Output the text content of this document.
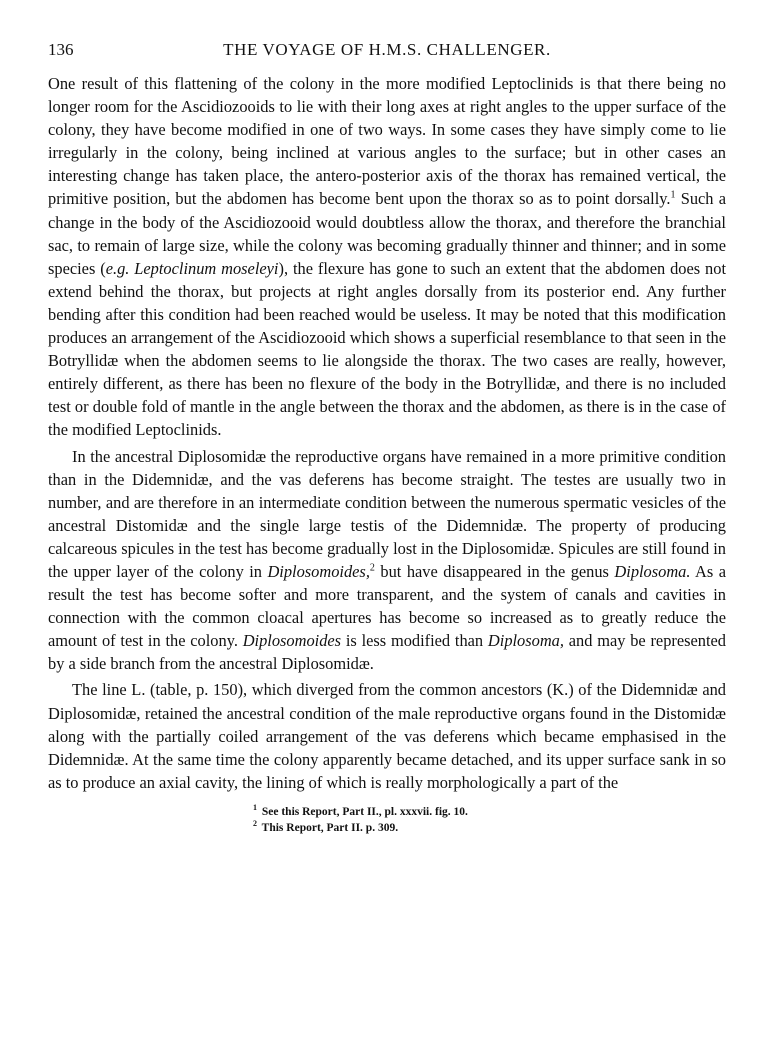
136	THE VOYAGE OF H.M.S. CHALLENGER.

One result of this flattening of the colony in the more modified Leptoclinids is that there being no longer room for the Ascidiozooids to lie with their long axes at right angles to the upper surface of the colony, they have become modified in one of two ways. In some cases they have simply come to lie irregularly in the colony, being inclined at various angles to the surface; but in other cases an interesting change has taken place, the antero-posterior axis of the thorax has remained vertical, the primitive position, but the abdomen has become bent upon the thorax so as to point dorsally.$^1$ Such a change in the body of the Ascidiozooid would doubtless allow the thorax, and therefore the branchial sac, to remain of large size, while the colony was becoming gradually thinner and thinner; and in some species (e.g. Leptoclinum moseleyi), the flexure has gone to such an extent that the abdomen does not extend behind the thorax, but projects at right angles dorsally from its posterior end. Any further bending after this condition had been reached would be useless. It may be noted that this modification produces an arrangement of the Ascidiozooid which shows a superficial resemblance to that seen in the Botryllidæ when the abdomen seems to lie alongside the thorax. The two cases are really, however, entirely different, as there has been no flexure of the body in the Botryllidæ, and there is no included test or double fold of mantle in the angle between the thorax and the abdomen, as there is in the case of the modified Leptoclinids.

In the ancestral Diplosomidæ the reproductive organs have remained in a more primitive condition than in the Didemnidæ, and the vas deferens has become straight. The testes are usually two in number, and are therefore in an intermediate condition between the numerous spermatic vesicles of the ancestral Distomidæ and the single large testis of the Didemnidæ. The property of producing calcareous spicules in the test has become gradually lost in the Diplosomidæ. Spicules are still found in the upper layer of the colony in Diplosomoides,$^2$ but have disappeared in the genus Diplosoma. As a result the test has become softer and more transparent, and the system of canals and cavities in connection with the common cloacal apertures has become so increased as to greatly reduce the amount of test in the colony. Diplosomoides is less modified than Diplosoma, and may be represented by a side branch from the ancestral Diplosomidæ.

The line L. (table, p. 150), which diverged from the common ancestors (K.) of the Didemnidæ and Diplosomidæ, retained the ancestral condition of the male reproductive organs found in the Distomidæ along with the partially coiled arrangement of the vas deferens which became emphasised in the Didemnidæ. At the same time the colony apparently became detached, and its upper surface sank in so as to produce an axial cavity, the lining of which is really morphologically a part of the

$^1$ See this Report, Part II., pl. xxxvii. fig. 10.
$^2$ This Report, Part II. p. 309.
